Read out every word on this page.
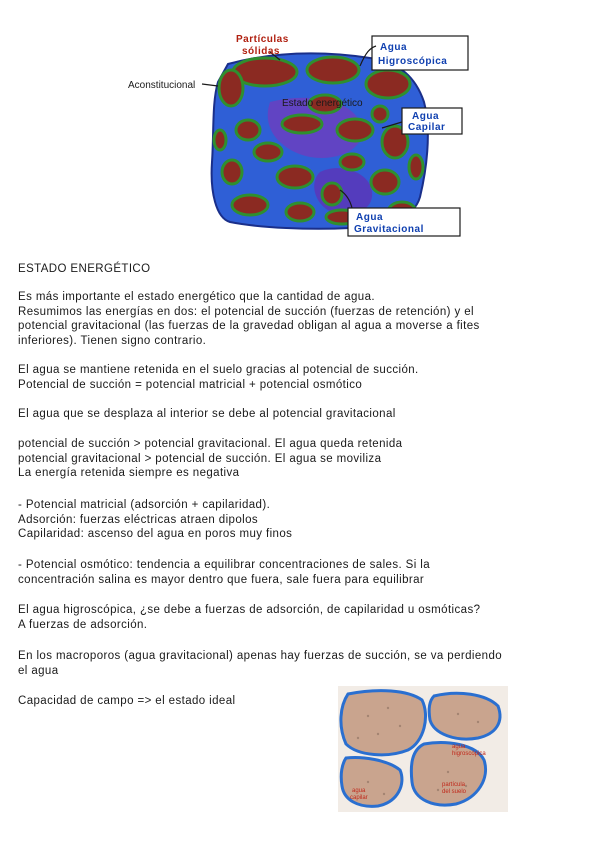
Partículas
sólidas	Agua
Higroscópica
Aconstitucional
Estado energético
Agua
Capilar
Agua
Gravitacional
ESTADO ENERGÉTICO
Es más importante el estado energético que la cantidad de agua.
Resumimos las energías en dos: el potencial de succión (fuerzas de retención) y el
potencial gravitacional (las fuerzas de la gravedad obligan al agua a moverse a fites
inferiores). Tienen signo contrario.
El agua se mantiene retenida en el suelo gracias al potencial de succión.
Potencial de succión = potencial matricial + potencial osmótico
El agua que se desplaza al interior se debe al potencial gravitacional
potencial de succión > potencial gravitacional. El agua queda retenida
potencial gravitacional > potencial de succión. El agua se moviliza
La energía retenida siempre es negativa
- Potencial matricial (adsorción + capilaridad).
Adsorción: fuerzas eléctricas atraen dipolos
Capilaridad: ascenso del agua en poros muy finos
- Potencial osmótico: tendencia a equilibrar concentraciones de sales. Si la
concentración salina es mayor dentro que fuera, sale fuera para equilibrar
El agua higroscópica, ¿se debe a fuerzas de adsorción, de capilaridad u osmóticas?
A fuerzas de adsorción.
En los macroporos (agua gravitacional) apenas hay fuerzas de succión, se va perdiendo
el agua
Capacidad de campo => el estado ideal
agua
higroscópica
agua
capilar
partícula
del suelo
